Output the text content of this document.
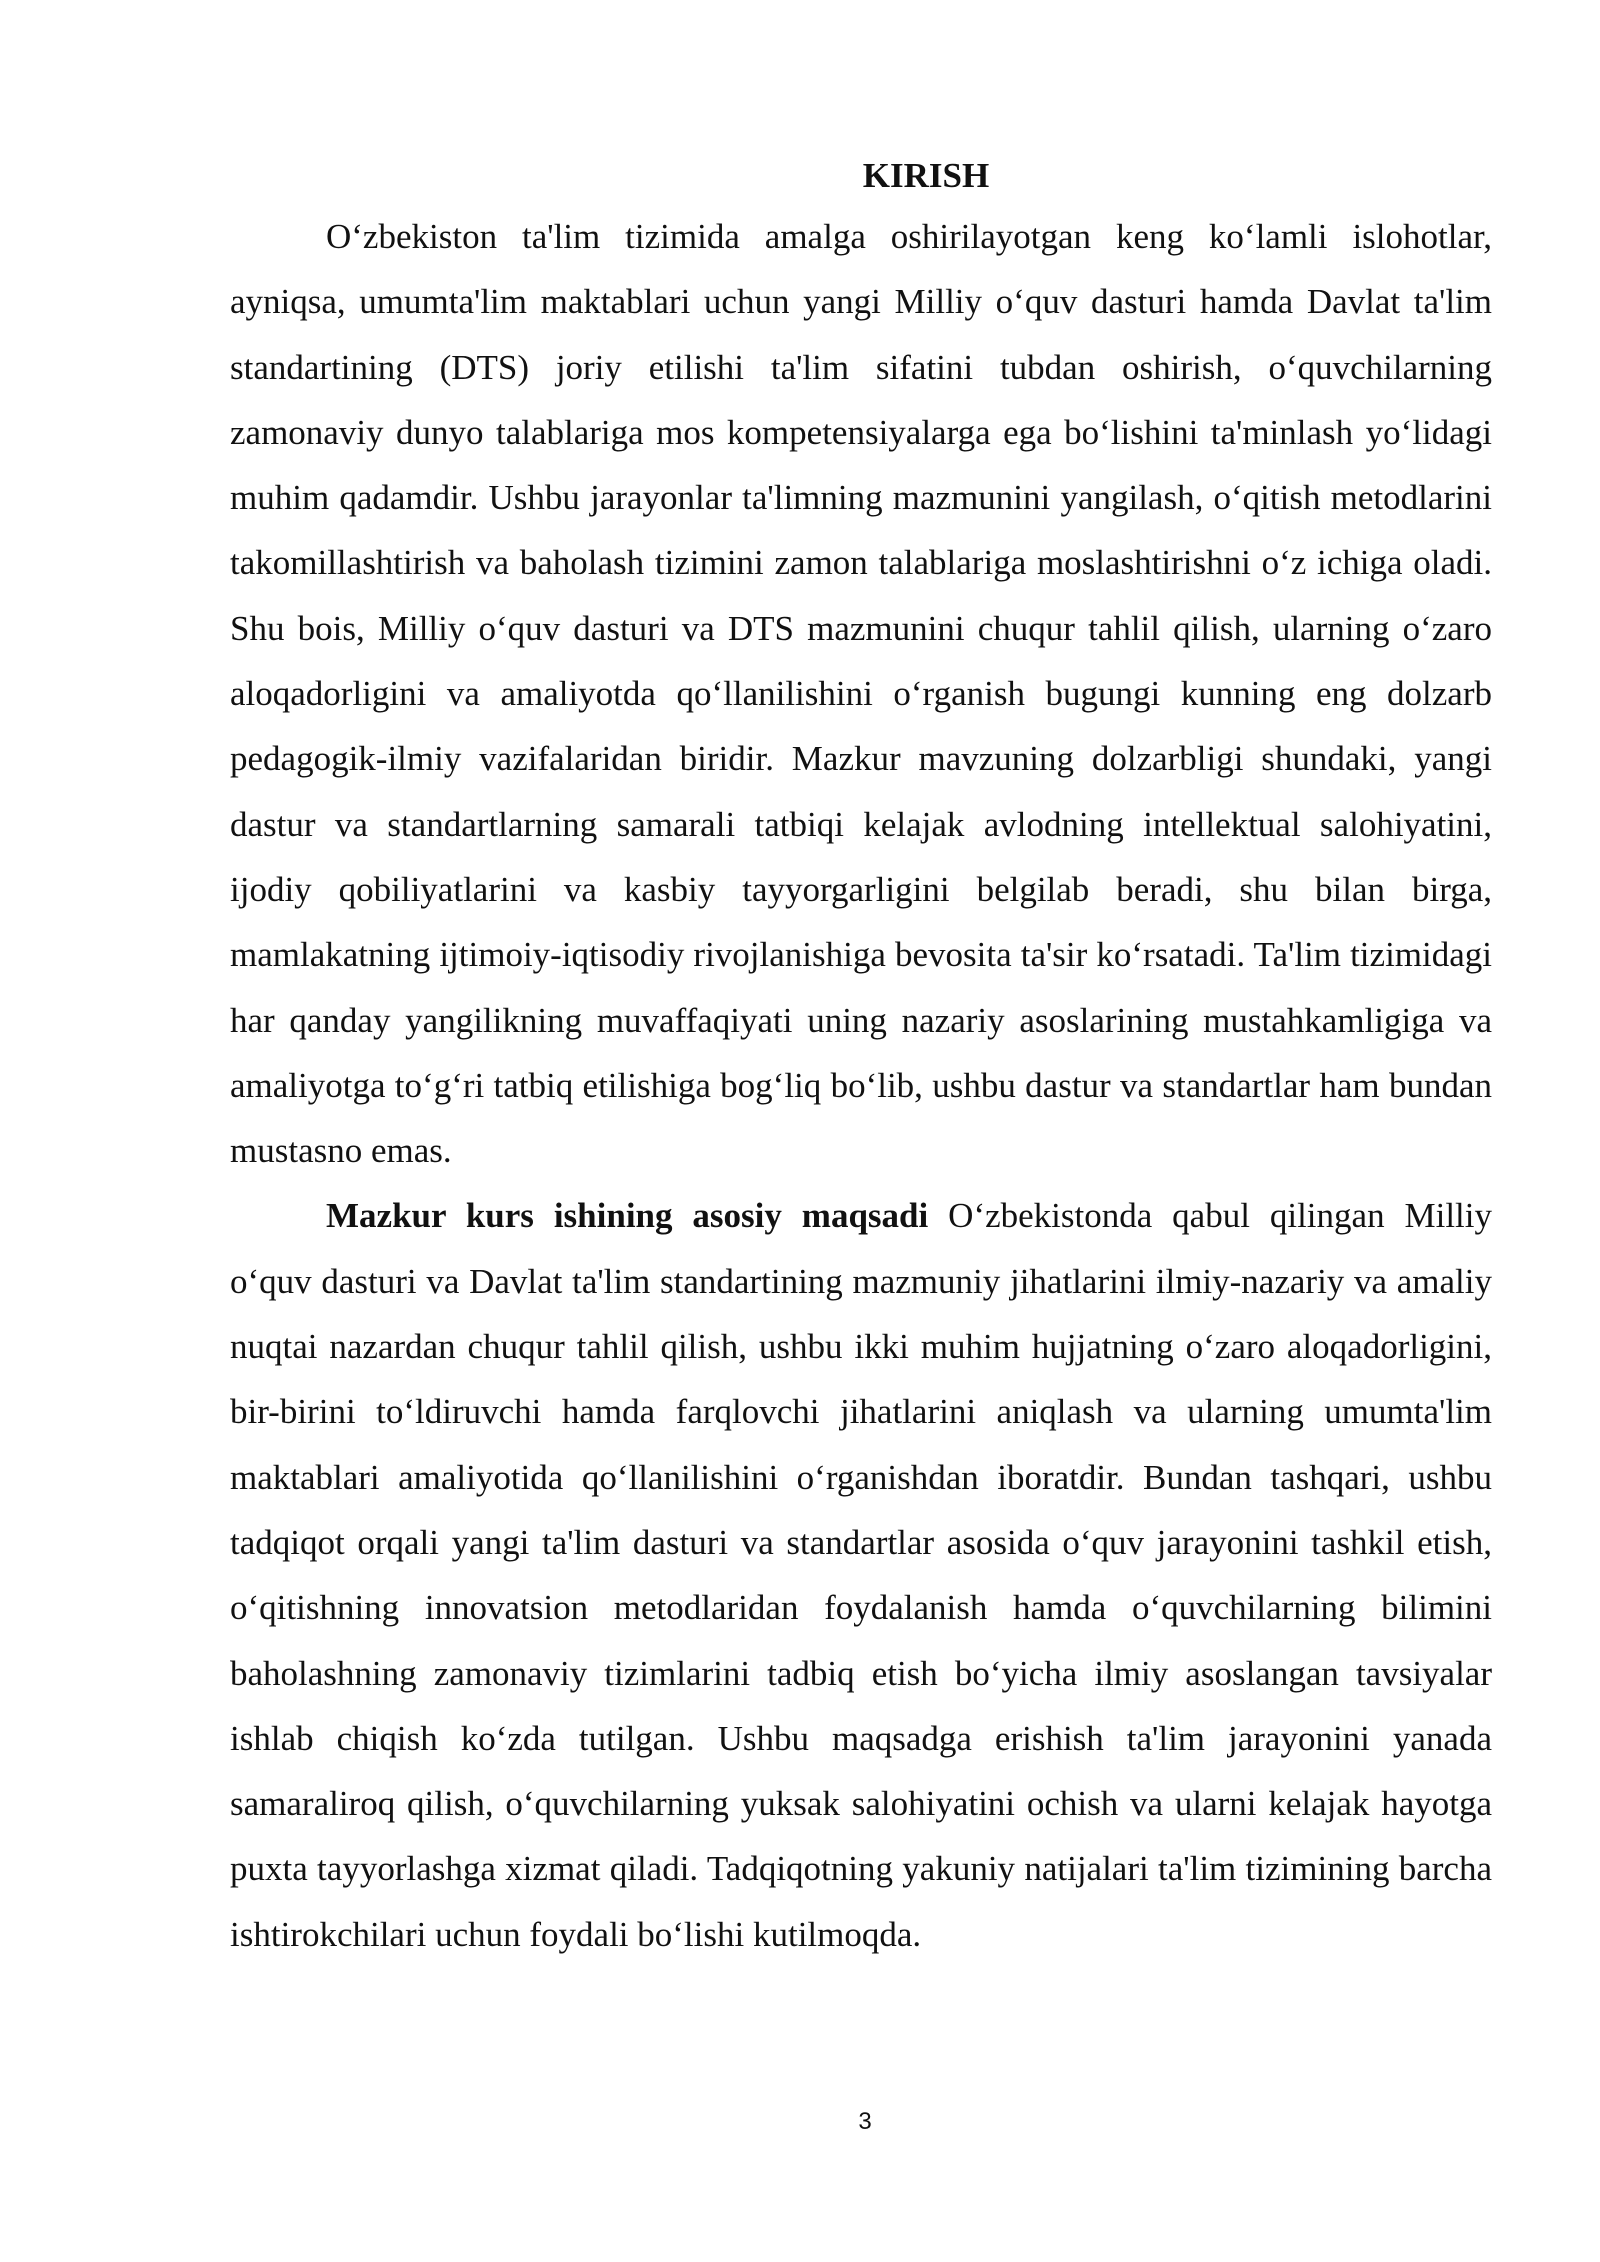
KIRISH

O‘zbekiston ta'lim tizimida amalga oshirilayotgan keng ko‘lamli islohotlar, ayniqsa, umumta'lim maktablari uchun yangi Milliy o‘quv dasturi hamda Davlat ta'lim standartining (DTS) joriy etilishi ta'lim sifatini tubdan oshirish, o‘quvchilarning zamonaviy dunyo talablariga mos kompetensiyalarga ega bo‘lishini ta'minlash yo‘lidagi muhim qadamdir. Ushbu jarayonlar ta'limning mazmunini yangilash, o‘qitish metodlarini takomillashtirish va baholash tizimini zamon talablariga moslashtirishni o‘z ichiga oladi. Shu bois, Milliy o‘quv dasturi va DTS mazmunini chuqur tahlil qilish, ularning o‘zaro aloqadorligini va amaliyotda qo‘llanilishini o‘rganish bugungi kunning eng dolzarb pedagogik-ilmiy vazifalaridan biridir. Mazkur mavzuning dolzarbligi shundaki, yangi dastur va standartlarning samarali tatbiqi kelajak avlodning intellektual salohiyatini, ijodiy qobiliyatlarini va kasbiy tayyorgarligini belgilab beradi, shu bilan birga, mamlakatning ijtimoiy-iqtisodiy rivojlanishiga bevosita ta'sir ko‘rsatadi. Ta'lim tizimidagi har qanday yangilikning muvaffaqiyati uning nazariy asoslarining mustahkamligiga va amaliyotga to‘g‘ri tatbiq etilishiga bog‘liq bo‘lib, ushbu dastur va standartlar ham bundan mustasno emas.

Mazkur kurs ishining asosiy maqsadi O‘zbekistonda qabul qilingan Milliy o‘quv dasturi va Davlat ta'lim standartining mazmuniy jihatlarini ilmiy-nazariy va amaliy nuqtai nazardan chuqur tahlil qilish, ushbu ikki muhim hujjatning o‘zaro aloqadorligini, bir-birini to‘ldiruvchi hamda farqlovchi jihatlarini aniqlash va ularning umumta'lim maktablari amaliyotida qo‘llanilishini o‘rganishdan iboratdir. Bundan tashqari, ushbu tadqiqot orqali yangi ta'lim dasturi va standartlar asosida o‘quv jarayonini tashkil etish, o‘qitishning innovatsion metodlaridan foydalanish hamda o‘quvchilarning bilimini baholashning zamonaviy tizimlarini tadbiq etish bo‘yicha ilmiy asoslangan tavsiyalar ishlab chiqish ko‘zda tutilgan. Ushbu maqsadga erishish ta'lim jarayonini yanada samaraliroq qilish, o‘quvchilarning yuksak salohiyatini ochish va ularni kelajak hayotga puxta tayyorlashga xizmat qiladi. Tadqiqotning yakuniy natijalari ta'lim tizimining barcha ishtirokchilari uchun foydali bo‘lishi kutilmoqda.

3
